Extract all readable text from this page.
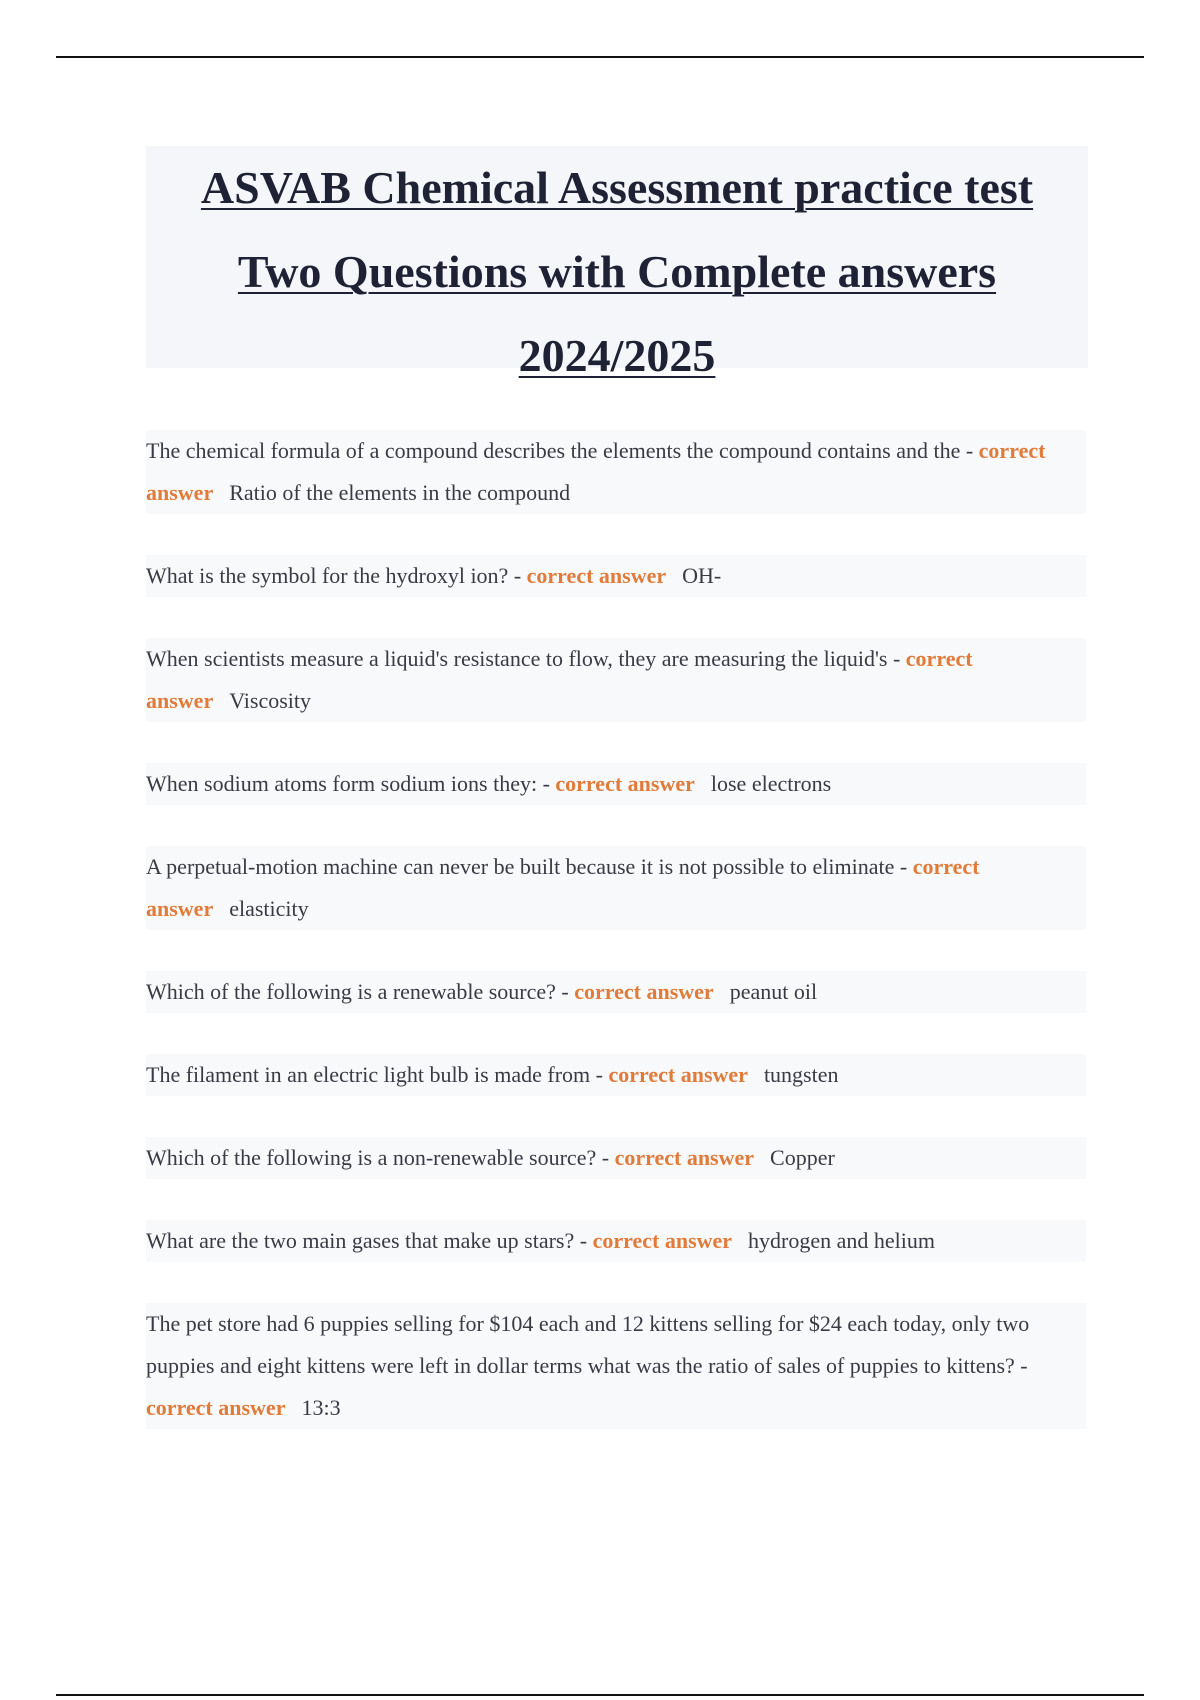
ASVAB Chemical Assessment practice test
Two Questions with Complete answers
2024/2025

The chemical formula of a compound describes the elements the compound contains and the - correct answer Ratio of the elements in the compound

What is the symbol for the hydroxyl ion? - correct answer OH-

When scientists measure a liquid's resistance to flow, they are measuring the liquid's - correct answer Viscosity

When sodium atoms form sodium ions they: - correct answer lose electrons

A perpetual-motion machine can never be built because it is not possible to eliminate - correct answer elasticity

Which of the following is a renewable source? - correct answer peanut oil

The filament in an electric light bulb is made from - correct answer tungsten

Which of the following is a non-renewable source? - correct answer Copper

What are the two main gases that make up stars? - correct answer hydrogen and helium

The pet store had 6 puppies selling for $104 each and 12 kittens selling for $24 each today, only two puppies and eight kittens were left in dollar terms what was the ratio of sales of puppies to kittens? - correct answer 13:3
